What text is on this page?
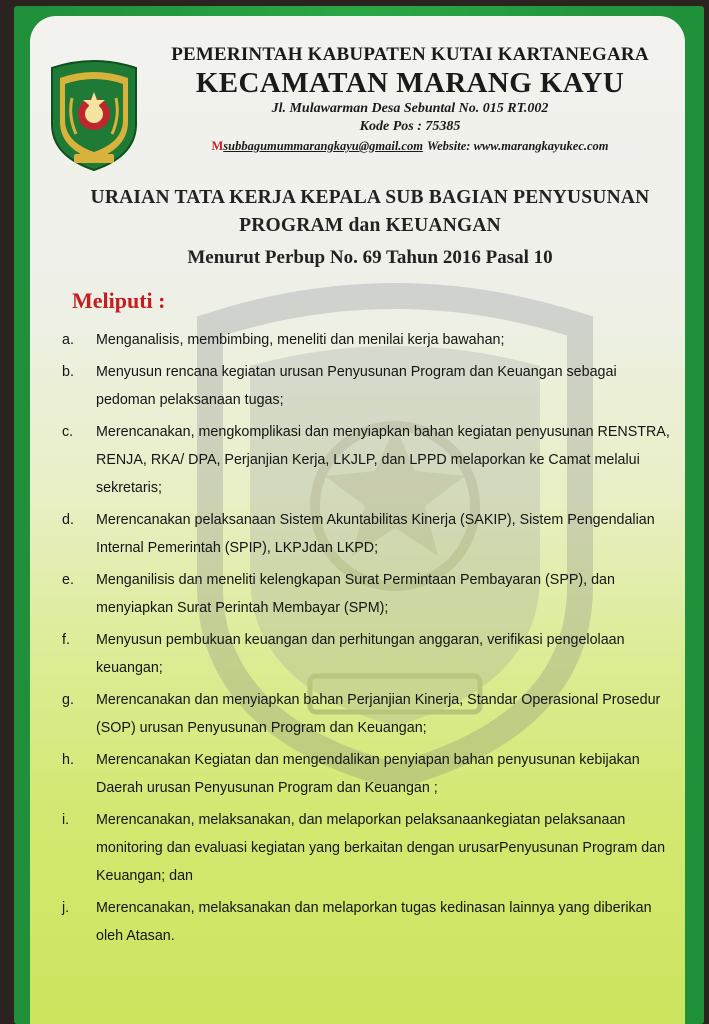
PEMERINTAH KABUPATEN KUTAI KARTANEGARA
KECAMATAN MARANG KAYU
Jl. Mulawarman Desa Sebuntal No. 015 RT.002
Kode Pos : 75385
Msubbagumummarangkayu@gmail.com Website: www.marangkayukec.com
URAIAN TATA KERJA KEPALA SUB BAGIAN PENYUSUNAN
PROGRAM dan KEUANGAN
Menurut Perbup No. 69 Tahun 2016 Pasal 10
Meliputi :
a.	Menganalisis, membimbing, meneliti dan menilai kerja bawahan;
b.	Menyusun rencana kegiatan urusan Penyusunan Program dan Keuangan sebagai pedoman pelaksanaan tugas;
c.	Merencanakan, mengkomplikasi dan menyiapkan bahan kegiatan penyusunan RENSTRA, RENJA, RKA/ DPA, Perjanjian Kerja, LKJLP, dan LPPD melaporkan ke Camat melalui sekretaris;
d.	Merencanakan pelaksanaan Sistem Akuntabilitas Kinerja (SAKIP), Sistem Pengendalian Internal Pemerintah (SPIP), LKPJdan LKPD;
e.	Menganilisis dan meneliti kelengkapan Surat Permintaan Pembayaran (SPP), dan menyiapkan Surat Perintah Membayar (SPM);
f.	Menyusun pembukuan keuangan dan perhitungan anggaran, verifikasi pengelolaan keuangan;
g.	Merencanakan dan menyiapkan bahan Perjanjian Kinerja, Standar Operasional Prosedur (SOP) urusan Penyusunan Program dan Keuangan;
h.	Merencanakan Kegiatan dan mengendalikan penyiapan bahan penyusunan kebijakan Daerah urusan Penyusunan Program dan Keuangan ;
i.	Merencanakan, melaksanakan, dan melaporkan pelaksanaankegiatan pelaksanaan monitoring dan evaluasi kegiatan yang berkaitan dengan urusarPenyusunan Program dan Keuangan; dan
j.	Merencanakan, melaksanakan dan melaporkan tugas kedinasan lainnya yang diberikan oleh Atasan.
